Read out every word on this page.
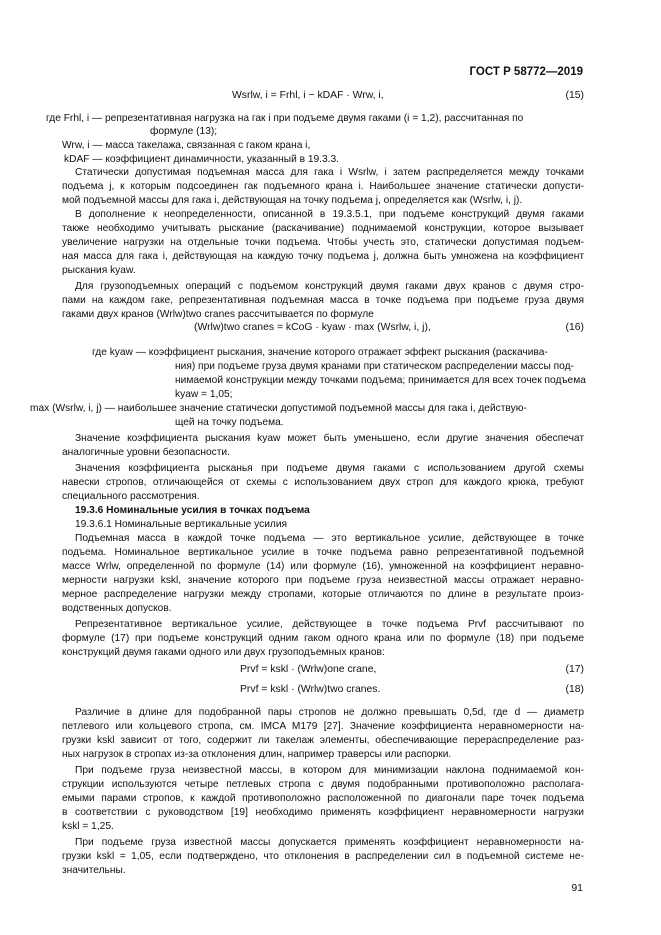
ГОСТ Р 58772—2019
Wsrlw, i = Frhl, i − kDAF · Wrw, i,	(15)
где Frhl, i — репрезентативная нагрузка на гак i при подъеме двумя гаками (i = 1,2), рассчитанная по
формуле (13);
Wrw, i — масса такелажа, связанная с гаком крана i,
kDAF — коэффициент динамичности, указанный в 19.3.3.
Статически допустимая подъемная масса для гака i Wsrlw, i затем распределяется между точками
подъема j, к которым подсоединен гак подъемного крана i. Наибольшее значение статически допусти-
мой подъемной массы для гака i, действующая на точку подъема j, определяется как (Wsrlw, i, j).
В дополнение к неопределенности, описанной в 19.3.5.1, при подъеме конструкций двумя гаками
также необходимо учитывать рыскание (раскачивание) поднимаемой конструкции, которое вызывает
увеличение нагрузки на отдельные точки подъема. Чтобы учесть это, статически допустимая подъем-
ная масса для гака i, действующая на каждую точку подъема j, должна быть умножена на коэффициент
рыскания kyaw.
Для грузоподъемных операций с подъемом конструкций двумя гаками двух кранов с двумя стро-
пами на каждом гаке, репрезентативная подъемная масса в точке подъема при подъеме груза двумя
гаками двух кранов (Wrlw)two cranes рассчитывается по формуле
(Wrlw)two cranes = kCoG · kyaw · max (Wsrlw, i, j),	(16)
где kyaw — коэффициент рыскания, значение которого отражает эффект рыскания (раскачива-
ния) при подъеме груза двумя кранами при статическом распределении массы под-
нимаемой конструкции между точками подъема; принимается для всех точек подъема
kyaw = 1,05;
max (Wsrlw, i, j) — наибольшее значение статически допустимой подъемной массы для гака i, действую-
щей на точку подъема.
Значение коэффициента рыскания kyaw может быть уменьшено, если другие значения обеспечат
аналогичные уровни безопасности.
Значения коэффициента рысканья при подъеме двумя гаками с использованием другой схемы
навески стропов, отличающейся от схемы с использованием двух строп для каждого крюка, требуют
специального рассмотрения.
19.3.6 Номинальные усилия в точках подъема
19.3.6.1 Номинальные вертикальные усилия
Подъемная масса в каждой точке подъема — это вертикальное усилие, действующее в точке
подъема. Номинальное вертикальное усилие в точке подъема равно репрезентативной подъемной
массе Wrlw, определенной по формуле (14) или формуле (16), умноженной на коэффициент неравно-
мерности нагрузки kskl, значение которого при подъеме груза неизвестной массы отражает неравно-
мерное распределение нагрузки между стропами, которые отличаются по длине в результате произ-
водственных допусков.
Репрезентативное вертикальное усилие, действующее в точке подъема Prvf рассчитывают по
формуле (17) при подъеме конструкций одним гаком одного крана или по формуле (18) при подъеме
конструкций двумя гаками одного или двух грузоподъемных кранов:
Prvf = kskl · (Wrlw)one crane,	(17)
Prvf = kskl · (Wrlw)two cranes.	(18)
Различие в длине для подобранной пары стропов не должно превышать 0,5d, где d — диаметр
петлевого или кольцевого стропа, см. IMCA M179 [27]. Значение коэффициента неравномерности на-
грузки kskl зависит от того, содержит ли такелаж элементы, обеспечивающие перераспределение раз-
ных нагрузок в стропах из-за отклонения длин, например траверсы или распорки.
При подъеме груза неизвестной массы, в котором для минимизации наклона поднимаемой кон-
струкции используются четыре петлевых стропа с двумя подобранными противоположно располага-
емыми парами стропов, к каждой противоположно расположенной по диагонали паре точек подъема
в соответствии с руководством [19] необходимо применять коэффициент неравномерности нагрузки
kskl = 1,25.
При подъеме груза известной массы допускается применять коэффициент неравномерности на-
грузки kskl = 1,05, если подтверждено, что отклонения в распределении сил в подъемной системе не-
значительны.
91
